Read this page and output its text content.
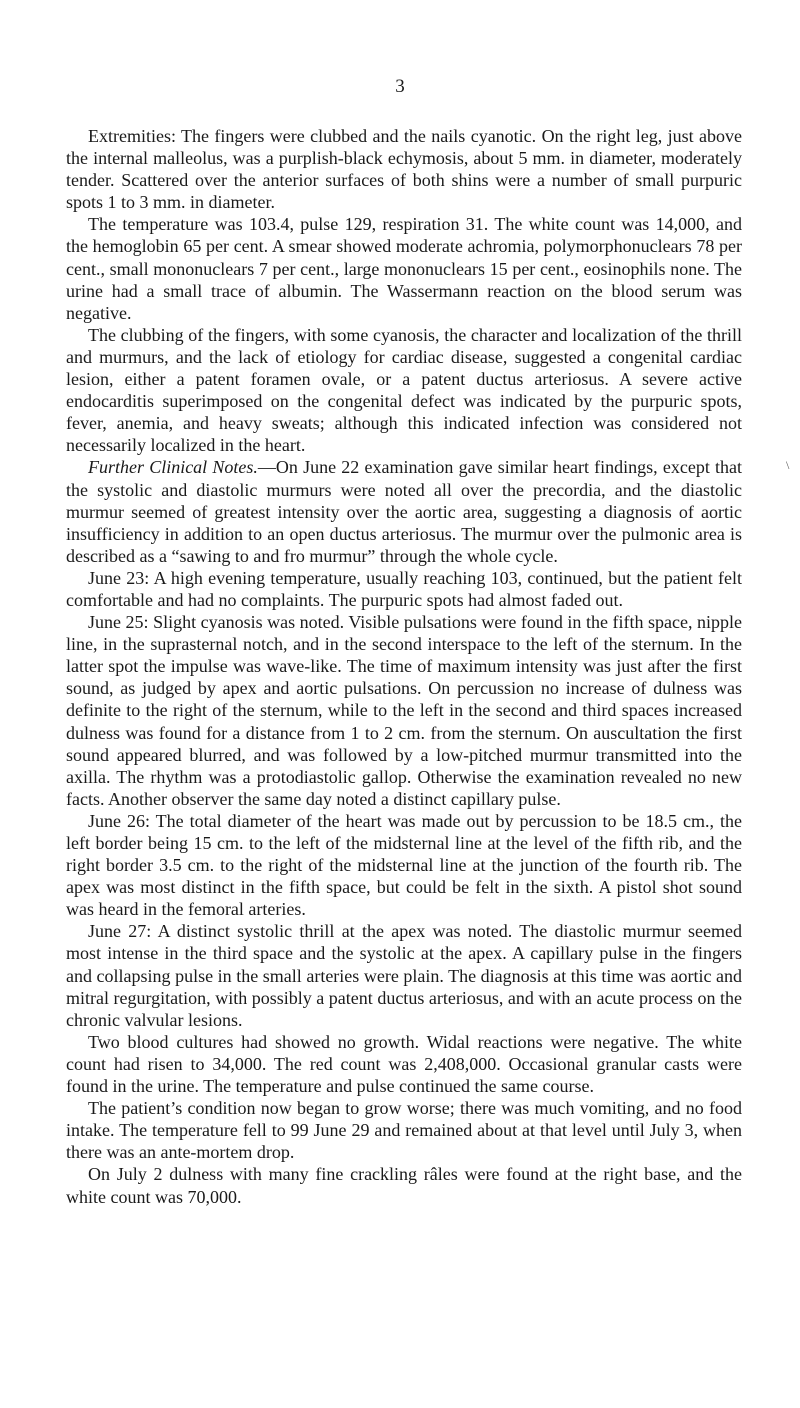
3

Extremities: The fingers were clubbed and the nails cyanotic. On the right leg, just above the internal malleolus, was a purplish-black echymosis, about 5 mm. in diameter, moderately tender. Scattered over the anterior surfaces of both shins were a number of small purpuric spots 1 to 3 mm. in diameter.

The temperature was 103.4, pulse 129, respiration 31. The white count was 14,000, and the hemoglobin 65 per cent. A smear showed moderate achromia, polymorphonuclears 78 per cent., small mononuclears 7 per cent., large mononuclears 15 per cent., eosinophils none. The urine had a small trace of albumin. The Wassermann reaction on the blood serum was negative.

The clubbing of the fingers, with some cyanosis, the character and localization of the thrill and murmurs, and the lack of etiology for cardiac disease, suggested a congenital cardiac lesion, either a patent foramen ovale, or a patent ductus arteriosus. A severe active endocarditis superimposed on the congenital defect was indicated by the purpuric spots, fever, anemia, and heavy sweats; although this indicated infection was considered not necessarily localized in the heart.

Further Clinical Notes.—On June 22 examination gave similar heart findings, except that the systolic and diastolic murmurs were noted all over the precordia, and the diastolic murmur seemed of greatest intensity over the aortic area, suggesting a diagnosis of aortic insufficiency in addition to an open ductus arteriosus. The murmur over the pulmonic area is described as a “sawing to and fro murmur” through the whole cycle.

June 23: A high evening temperature, usually reaching 103, continued, but the patient felt comfortable and had no complaints. The purpuric spots had almost faded out.

June 25: Slight cyanosis was noted. Visible pulsations were found in the fifth space, nipple line, in the suprasternal notch, and in the second interspace to the left of the sternum. In the latter spot the impulse was wave-like. The time of maximum intensity was just after the first sound, as judged by apex and aortic pulsations. On percussion no increase of dulness was definite to the right of the sternum, while to the left in the second and third spaces increased dulness was found for a distance from 1 to 2 cm. from the sternum. On auscultation the first sound appeared blurred, and was followed by a low-pitched murmur transmitted into the axilla. The rhythm was a protodiastolic gallop. Otherwise the examination revealed no new facts. Another observer the same day noted a distinct capillary pulse.

June 26: The total diameter of the heart was made out by percussion to be 18.5 cm., the left border being 15 cm. to the left of the midsternal line at the level of the fifth rib, and the right border 3.5 cm. to the right of the midsternal line at the junction of the fourth rib. The apex was most distinct in the fifth space, but could be felt in the sixth. A pistol shot sound was heard in the femoral arteries.

June 27: A distinct systolic thrill at the apex was noted. The diastolic murmur seemed most intense in the third space and the systolic at the apex. A capillary pulse in the fingers and collapsing pulse in the small arteries were plain. The diagnosis at this time was aortic and mitral regurgitation, with possibly a patent ductus arteriosus, and with an acute process on the chronic valvular lesions.

Two blood cultures had showed no growth. Widal reactions were negative. The white count had risen to 34,000. The red count was 2,408,000. Occasional granular casts were found in the urine. The temperature and pulse continued the same course.

The patient’s condition now began to grow worse; there was much vomiting, and no food intake. The temperature fell to 99 June 29 and remained about at that level until July 3, when there was an ante-mortem drop.

On July 2 dulness with many fine crackling râles were found at the right base, and the white count was 70,000.

\
